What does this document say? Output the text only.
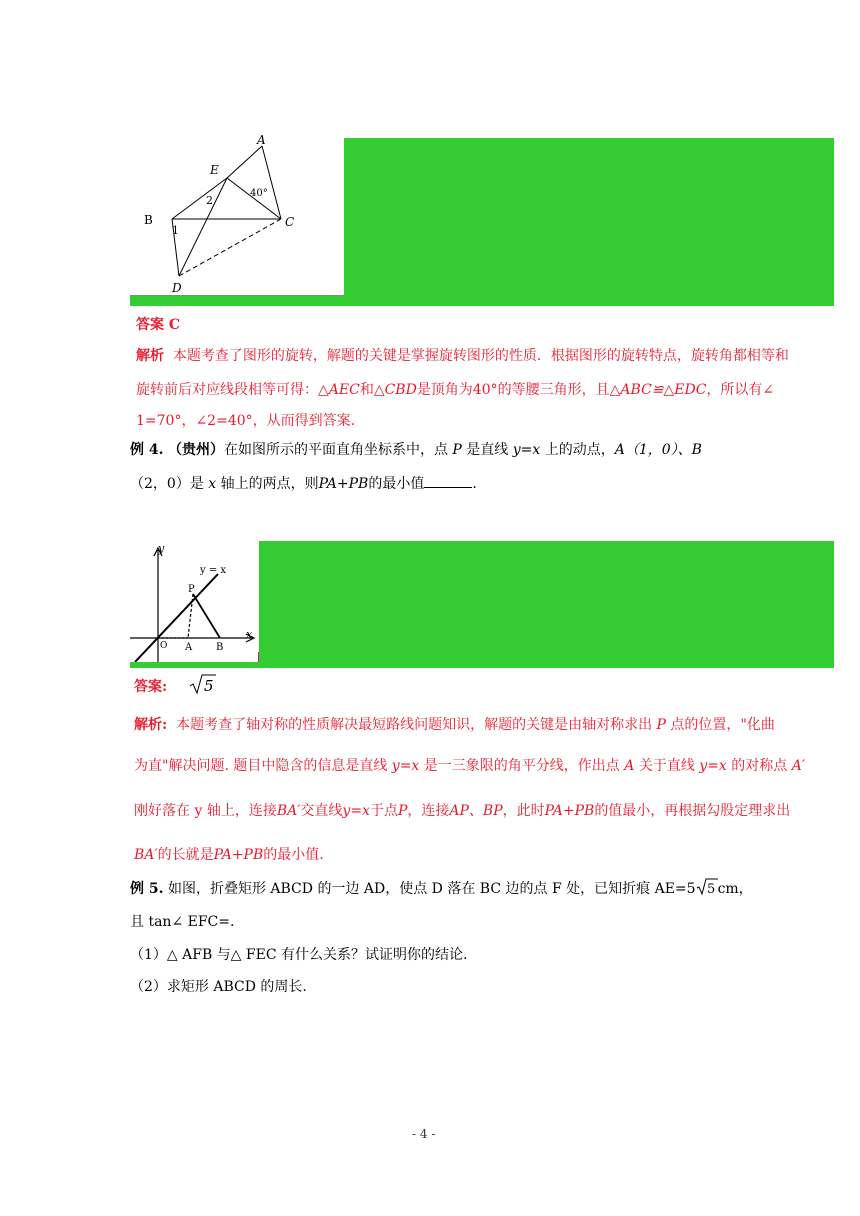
A
E
B	C
D
1
2
40°
答案 C
解析 本题考查了图形的旋转，解题的关键是掌握旋转图形的性质．根据图形的旋转特点，旋转角都相等和
旋转前后对应线段相等可得：△AEC和△CBD是顶角为40°的等腰三角形，且△ABC≌△EDC，所以有∠
1=70°，∠2=40°，从而得到答案.
例 4. （贵州）在如图所示的平面直角坐标系中，点 P 是直线 y=x 上的动点，A（1，0）、B
（2，0）是 x 轴上的两点，则PA+PB的最小值	.
y
x
y = x
P
A B
O
答案: 5
解析: 本题考查了轴对称的性质解决最短路线问题知识，解题的关键是由轴对称求出 P 点的位置，"化曲
为直"解决问题. 题目中隐含的信息是直线 y=x 是一三象限的角平分线，作出点 A 关于直线 y=x 的对称点 A′
刚好落在 y 轴上，连接BA′交直线y=x于点P，连接AP、BP，此时PA+PB的值最小，再根据勾股定理求出
BA′的长就是PA+PB的最小值.
例 5. 如图，折叠矩形 ABCD 的一边 AD，使点 D 落在 BC 边的点 F 处，已知折痕 AE=5 5 cm，
且 tan∠ EFC=.
（1）△ AFB 与△ FEC 有什么关系？试证明你的结论.
（2）求矩形 ABCD 的周长.
- 4 -
